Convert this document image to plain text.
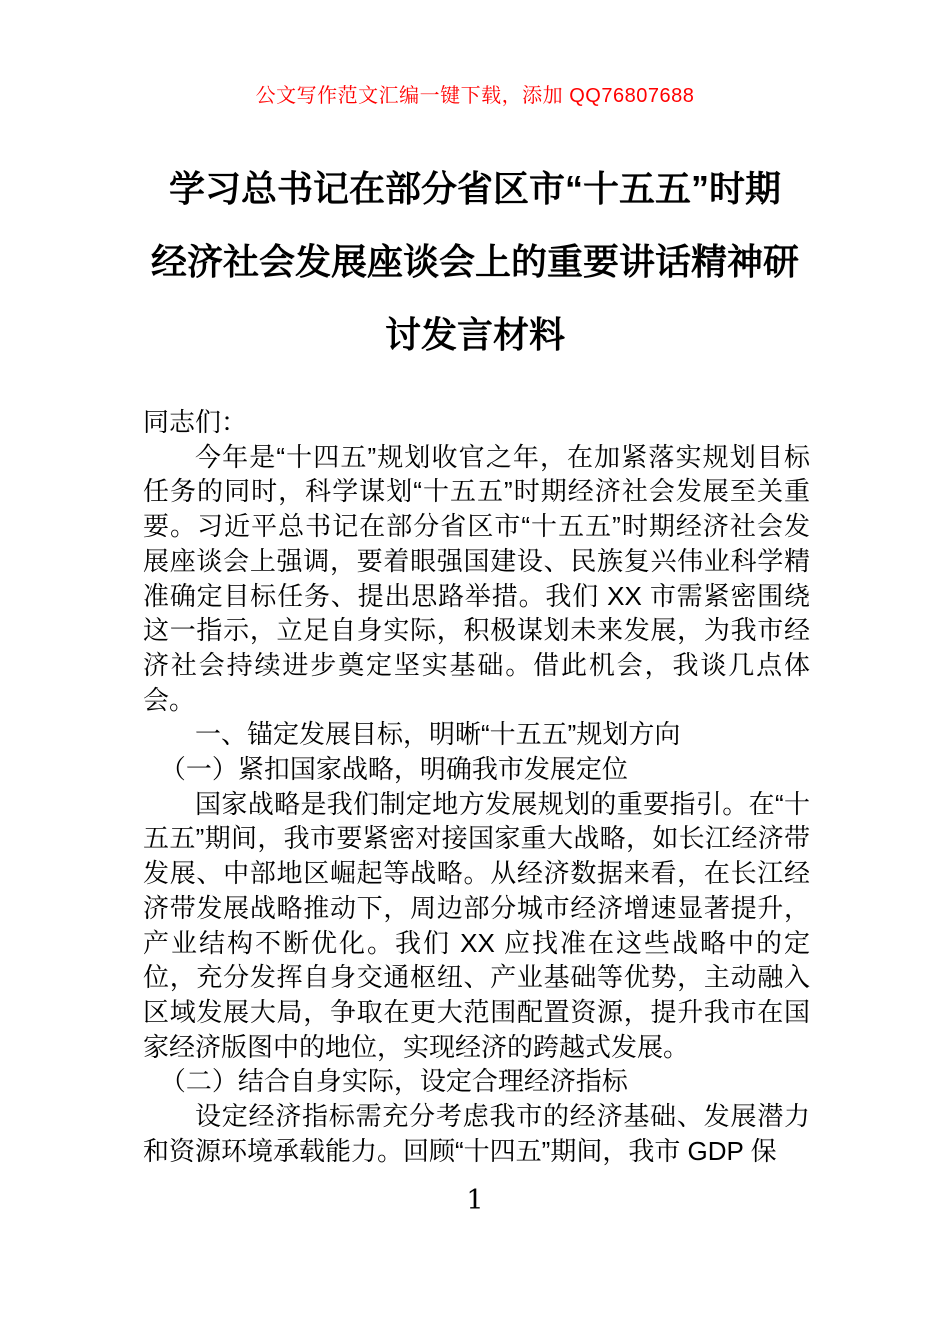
公文写作范文汇编一键下载，添加 QQ76807688
学习总书记在部分省区市“十五五”时期
经济社会发展座谈会上的重要讲话精神研
讨发言材料

同志们：

今年是“十四五”规划收官之年，在加紧落实规划目标任务的同时，科学谋划“十五五”时期经济社会发展至关重要。习近平总书记在部分省区市“十五五”时期经济社会发展座谈会上强调，要着眼强国建设、民族复兴伟业科学精准确定目标任务、提出思路举措。我们 XX 市需紧密围绕这一指示，立足自身实际，积极谋划未来发展，为我市经济社会持续进步奠定坚实基础。借此机会，我谈几点体会。

一、锚定发展目标，明晰“十五五”规划方向

（一）紧扣国家战略，明确我市发展定位

国家战略是我们制定地方发展规划的重要指引。在“十五五”期间，我市要紧密对接国家重大战略，如长江经济带发展、中部地区崛起等战略。从经济数据来看，在长江经济带发展战略推动下，周边部分城市经济增速显著提升，产业结构不断优化。我们 XX 应找准在这些战略中的定位，充分发挥自身交通枢纽、产业基础等优势，主动融入区域发展大局，争取在更大范围配置资源，提升我市在国家经济版图中的地位，实现经济的跨越式发展。

（二）结合自身实际，设定合理经济指标

设定经济指标需充分考虑我市的经济基础、发展潜力和资源环境承载能力。回顾“十四五”期间，我市 GDP 保

1
